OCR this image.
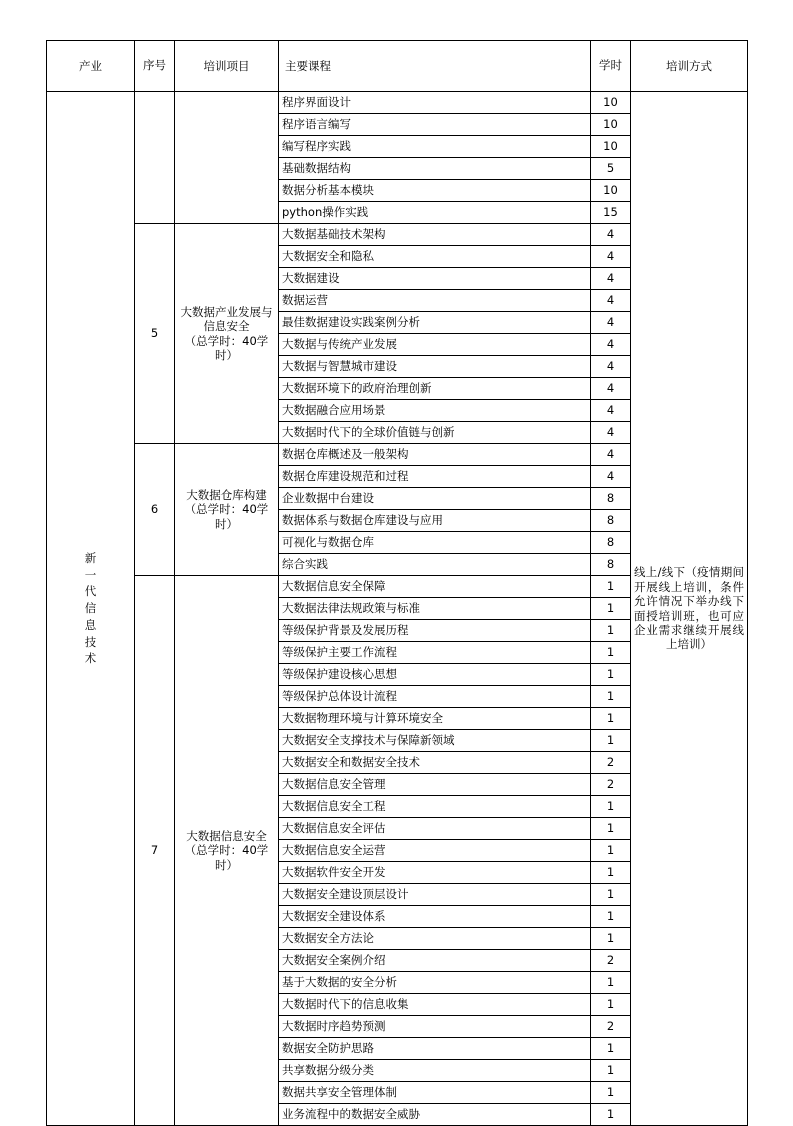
产业	序号	培训项目	主要课程	学时	培训方式
新一代信息技术			程序界面设计	10	线上/线下（疫情期间开展线上培训，条件允许情况下举办线下面授培训班，也可应企业需求继续开展线上培训）

			程序语言编写	10	
			编写程序实践	10	
			基础数据结构	5	
			数据分析基本模块	10	
			python操作实践	15	
	5	大数据产业发展与
信息安全
（总学时：40学
时）	大数据基础技术架构	4	
			大数据安全和隐私	4	
			大数据建设	4	
			数据运营	4	
			最佳数据建设实践案例分析	4	
			大数据与传统产业发展	4	
			大数据与智慧城市建设	4	
			大数据环境下的政府治理创新	4	
			大数据融合应用场景	4	
			大数据时代下的全球价值链与创新	4	
	6	大数据仓库构建
（总学时：40学
时）	数据仓库概述及一般架构	4	
			数据仓库建设规范和过程	4	
			企业数据中台建设	8	
			数据体系与数据仓库建设与应用	8	
			可视化与数据仓库	8	
			综合实践	8	
	7	大数据信息安全
（总学时：40学
时）	大数据信息安全保障	1	
			大数据法律法规政策与标准	1	
			等级保护背景及发展历程	1	
			等级保护主要工作流程	1	
			等级保护建设核心思想	1	
			等级保护总体设计流程	1	
			大数据物理环境与计算环境安全	1	
			大数据安全支撑技术与保障新领域	1	
			大数据安全和数据安全技术	2	
			大数据信息安全管理	2	
			大数据信息安全工程	1	
			大数据信息安全评估	1	
			大数据信息安全运营	1	
			大数据软件安全开发	1	
			大数据安全建设顶层设计	1	
			大数据安全建设体系	1	
			大数据安全方法论	1	
			大数据安全案例介绍	2	
			基于大数据的安全分析	1	
			大数据时代下的信息收集	1	
			大数据时序趋势预测	2	
			数据安全防护思路	1	
			共享数据分级分类	1	
			数据共享安全管理体制	1	
			业务流程中的数据安全威胁	1	
